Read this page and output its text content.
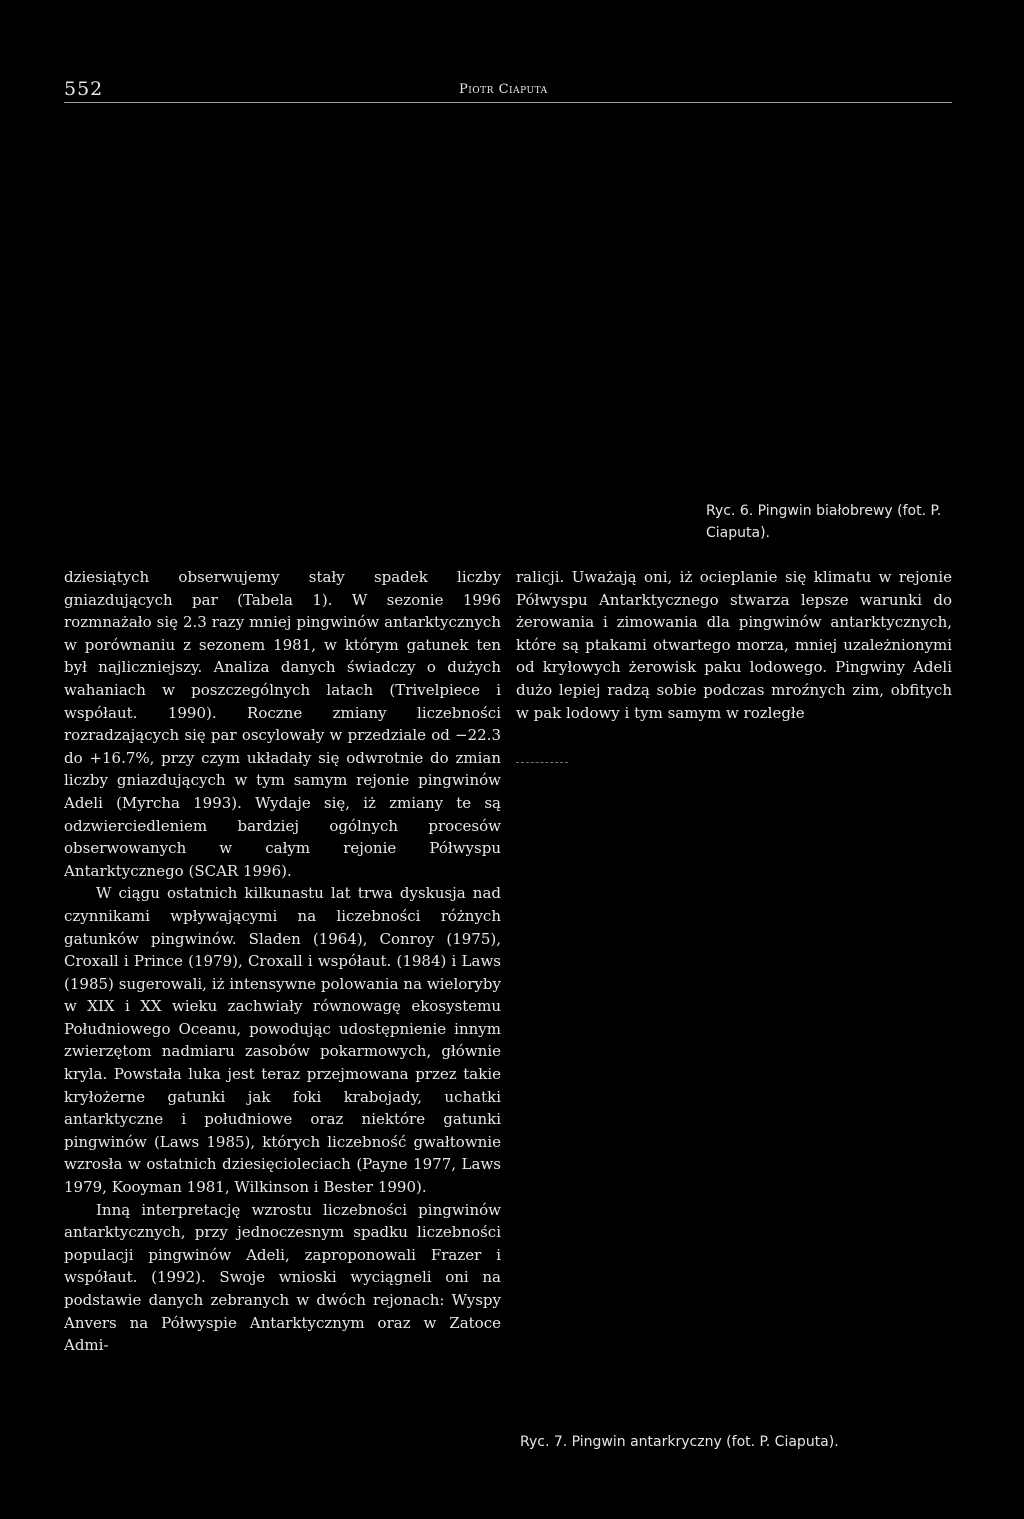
552	Piotr Ciaputa
Ryc. 6. Pingwin białobrewy (fot. P. Ciaputa).

dziesiątych obserwujemy stały spadek liczby gniazdujących par (Tabela 1). W sezonie 1996 rozmnażało się 2.3 razy mniej pingwinów antarktycznych w porównaniu z sezonem 1981, w którym gatunek ten był najliczniejszy. Analiza danych świadczy o dużych wahaniach w poszczególnych latach (Trivelpiece i współaut. 1990). Roczne zmiany liczebności rozradzających się par oscylowały w przedziale od −22.3 do +16.7%, przy czym układały się odwrotnie do zmian liczby gniazdujących w tym samym rejonie pingwinów Adeli (Myrcha 1993). Wydaje się, iż zmiany te są odzwierciedleniem bardziej ogólnych procesów obserwowanych w całym rejonie Półwyspu Antarktycznego (SCAR 1996).

W ciągu ostatnich kilkunastu lat trwa dyskusja nad czynnikami wpływającymi na liczebności różnych gatunków pingwinów. Sladen (1964), Conroy (1975), Croxall i Prince (1979), Croxall i współaut. (1984) i Laws (1985) sugerowali, iż intensywne polowania na wieloryby w XIX i XX wieku zachwiały równowagę ekosystemu Południowego Oceanu, powodując udostępnienie innym zwierzętom nadmiaru zasobów pokarmowych, głównie kryla. Powstała luka jest teraz przejmowana przez takie kryłożerne gatunki jak foki krabojady, uchatki antarktyczne i południowe oraz niektóre gatunki pingwinów (Laws 1985), których liczebność gwałtownie wzrosła w ostatnich dziesięcioleciach (Payne 1977, Laws 1979, Kooyman 1981, Wilkinson i Bester 1990).

Inną interpretację wzrostu liczebności pingwinów antarktycznych, przy jednoczesnym spadku liczebności populacji pingwinów Adeli, zaproponowali Frazer i współaut. (1992). Swoje wnioski wyciągneli oni na podstawie danych zebranych w dwóch rejonach: Wyspy Anvers na Półwyspie Antarktycznym oraz w Zatoce Admi-

ralicji. Uważają oni, iż ocieplanie się klimatu w rejonie Półwyspu Antarktycznego stwarza lepsze warunki do żerowania i zimowania dla pingwinów antarktycznych, które są ptakami otwartego morza, mniej uzależnionymi od kryłowych żerowisk paku lodowego. Pingwiny Adeli dużo lepiej radzą sobie podczas mroźnych zim, obfitych w pak lodowy i tym samym w rozległe

Ryc. 7. Pingwin antarkryczny (fot. P. Ciaputa).
